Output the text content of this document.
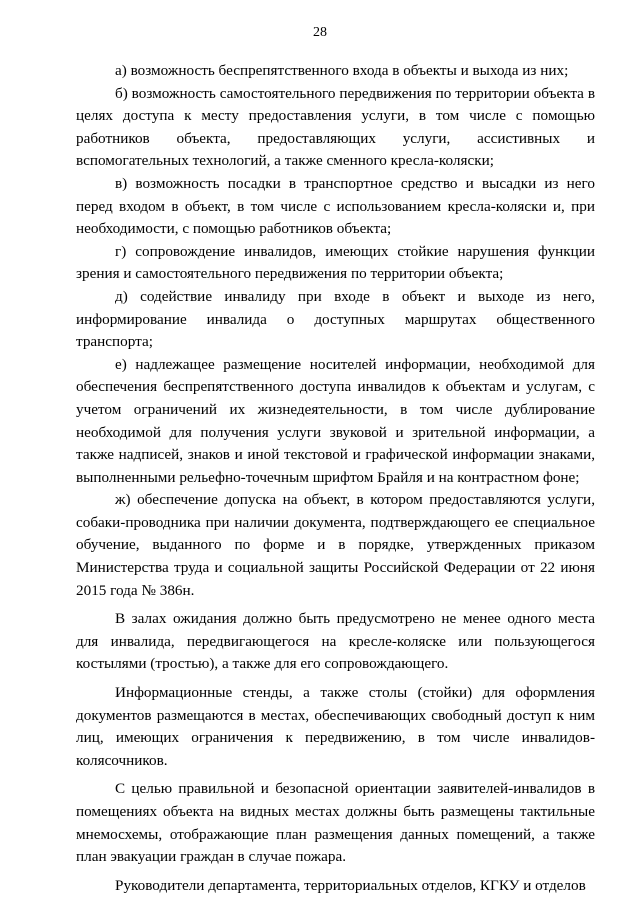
28

а) возможность беспрепятственного входа в объекты и выхода из них;

б) возможность самостоятельного передвижения по территории объекта в целях доступа к месту предоставления услуги, в том числе с помощью работников объекта, предоставляющих услуги, ассистивных и вспомогательных технологий, а также сменного кресла-коляски;

в) возможность посадки в транспортное средство и высадки из него перед входом в объект, в том числе с использованием кресла-коляски и, при необходимости, с помощью работников объекта;

г) сопровождение инвалидов, имеющих стойкие нарушения функции зрения и самостоятельного передвижения по территории объекта;

д) содействие инвалиду при входе в объект и выходе из него, информирование инвалида о доступных маршрутах общественного транспорта;

е) надлежащее размещение носителей информации, необходимой для обеспечения беспрепятственного доступа инвалидов к объектам и услугам, с учетом ограничений их жизнедеятельности, в том числе дублирование необходимой для получения услуги звуковой и зрительной информации, а также надписей, знаков и иной текстовой и графической информации знаками, выполненными рельефно-точечным шрифтом Брайля и на контрастном фоне;

ж) обеспечение допуска на объект, в котором предоставляются услуги, собаки-проводника при наличии документа, подтверждающего ее специальное обучение, выданного по форме и в порядке, утвержденных приказом Министерства труда и социальной защиты Российской Федерации от 22 июня 2015 года № 386н.

В залах ожидания должно быть предусмотрено не менее одного места для инвалида, передвигающегося на кресле-коляске или пользующегося костылями (тростью), а также для его сопровождающего.

Информационные стенды, а также столы (стойки) для оформления документов размещаются в местах, обеспечивающих свободный доступ к ним лиц, имеющих ограничения к передвижению, в том числе инвалидов-колясочников.

С целью правильной и безопасной ориентации заявителей-инвалидов в помещениях объекта на видных местах должны быть размещены тактильные мнемосхемы, отображающие план размещения данных помещений, а также план эвакуации граждан в случае пожара.

Руководители департамента, территориальных отделов, КГКУ и отделов
